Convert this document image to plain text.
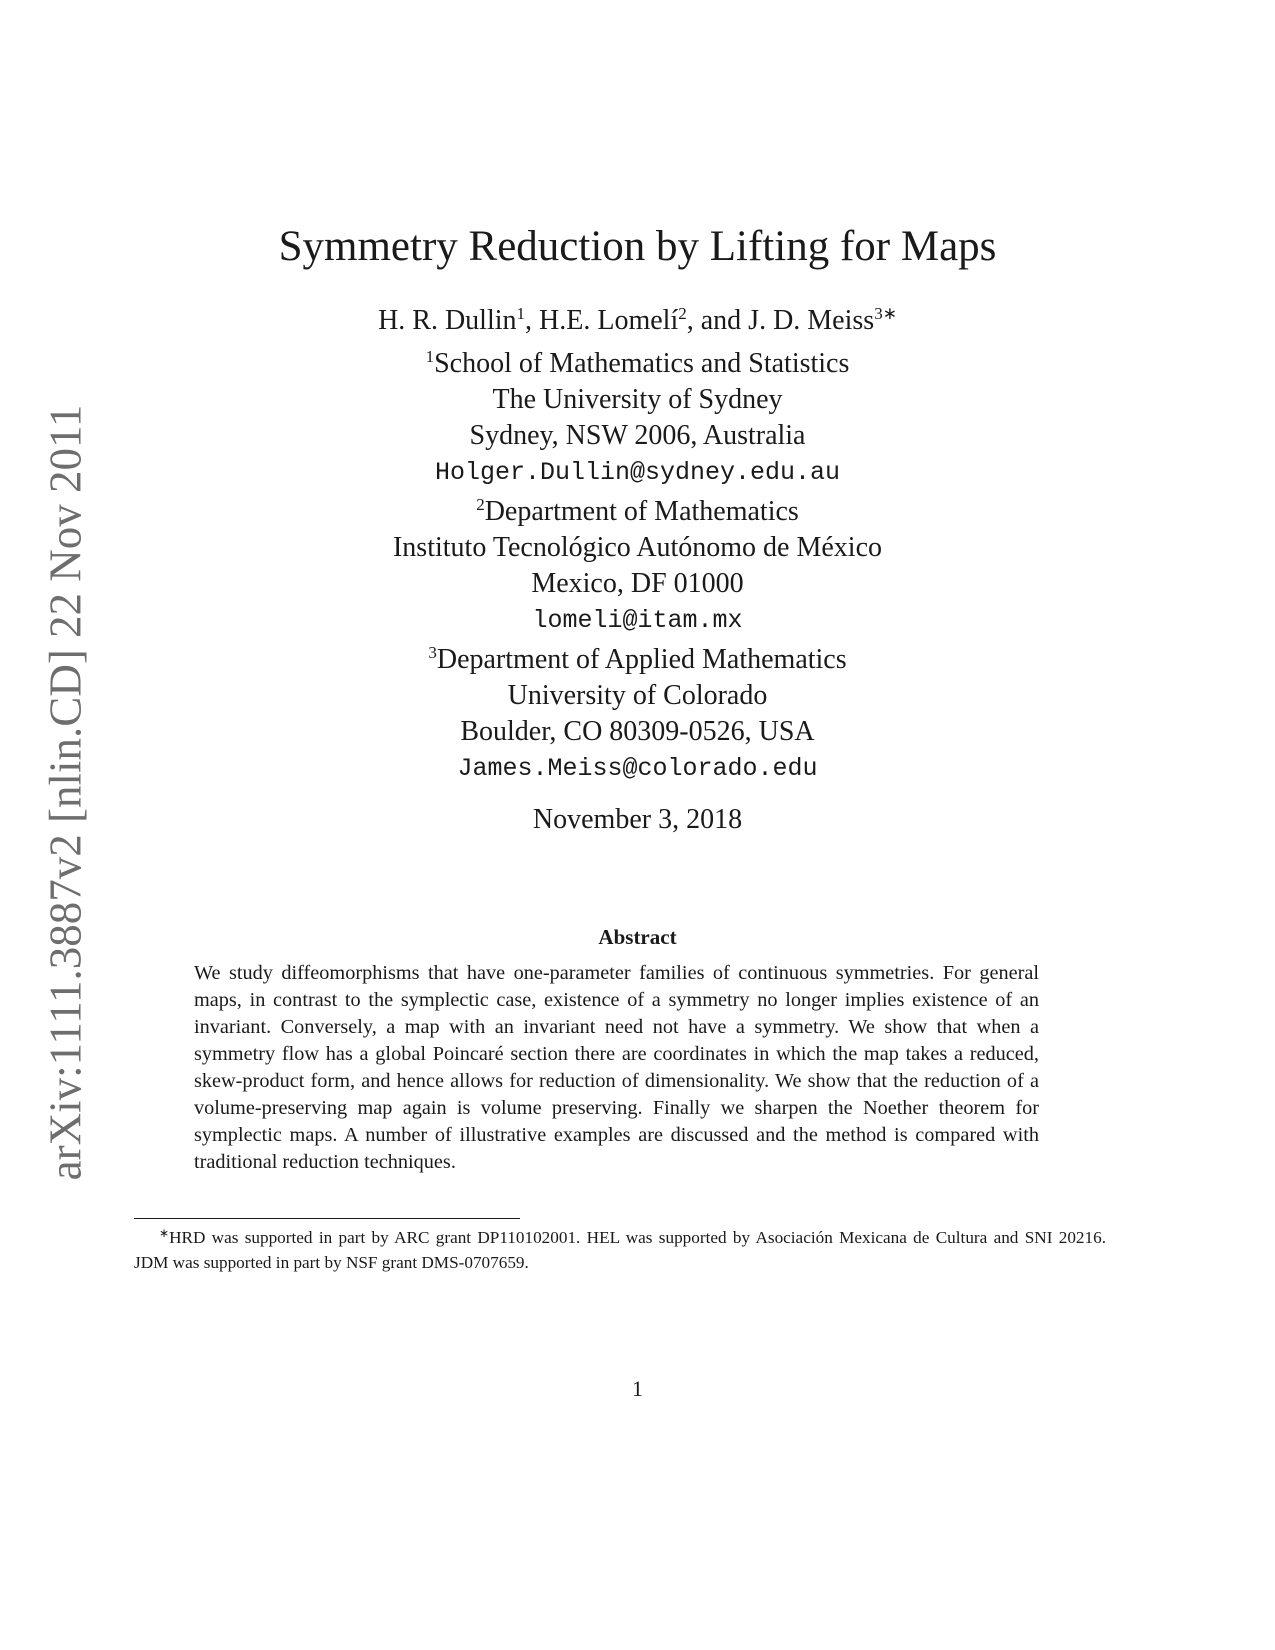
arXiv:1111.3887v2 [nlin.CD] 22 Nov 2011
Symmetry Reduction by Lifting for Maps
H. R. Dullin$^1$, H.E. Lomelí$^2$, and J. D. Meiss$^{3∗}$
$^1$School of Mathematics and Statistics
The University of Sydney
Sydney, NSW 2006, Australia
Holger.Dullin@sydney.edu.au
$^2$Department of Mathematics
Instituto Tecnológico Autónomo de México
Mexico, DF 01000
lomeli@itam.mx
$^3$Department of Applied Mathematics
University of Colorado
Boulder, CO 80309-0526, USA
James.Meiss@colorado.edu
November 3, 2018
Abstract
We study diffeomorphisms that have one-parameter families of continuous symmetries. For general maps, in contrast to the symplectic case, existence of a symmetry no longer implies existence of an invariant. Conversely, a map with an invariant need not have a symmetry. We show that when a symmetry flow has a global Poincaré section there are coordinates in which the map takes a reduced, skew-product form, and hence allows for reduction of dimensionality. We show that the reduction of a volume-preserving map again is volume preserving. Finally we sharpen the Noether theorem for symplectic maps. A number of illustrative examples are discussed and the method is compared with traditional reduction techniques.
∗HRD was supported in part by ARC grant DP110102001. HEL was supported by Asociación Mexicana de Cultura and SNI 20216. JDM was supported in part by NSF grant DMS-0707659.
1
